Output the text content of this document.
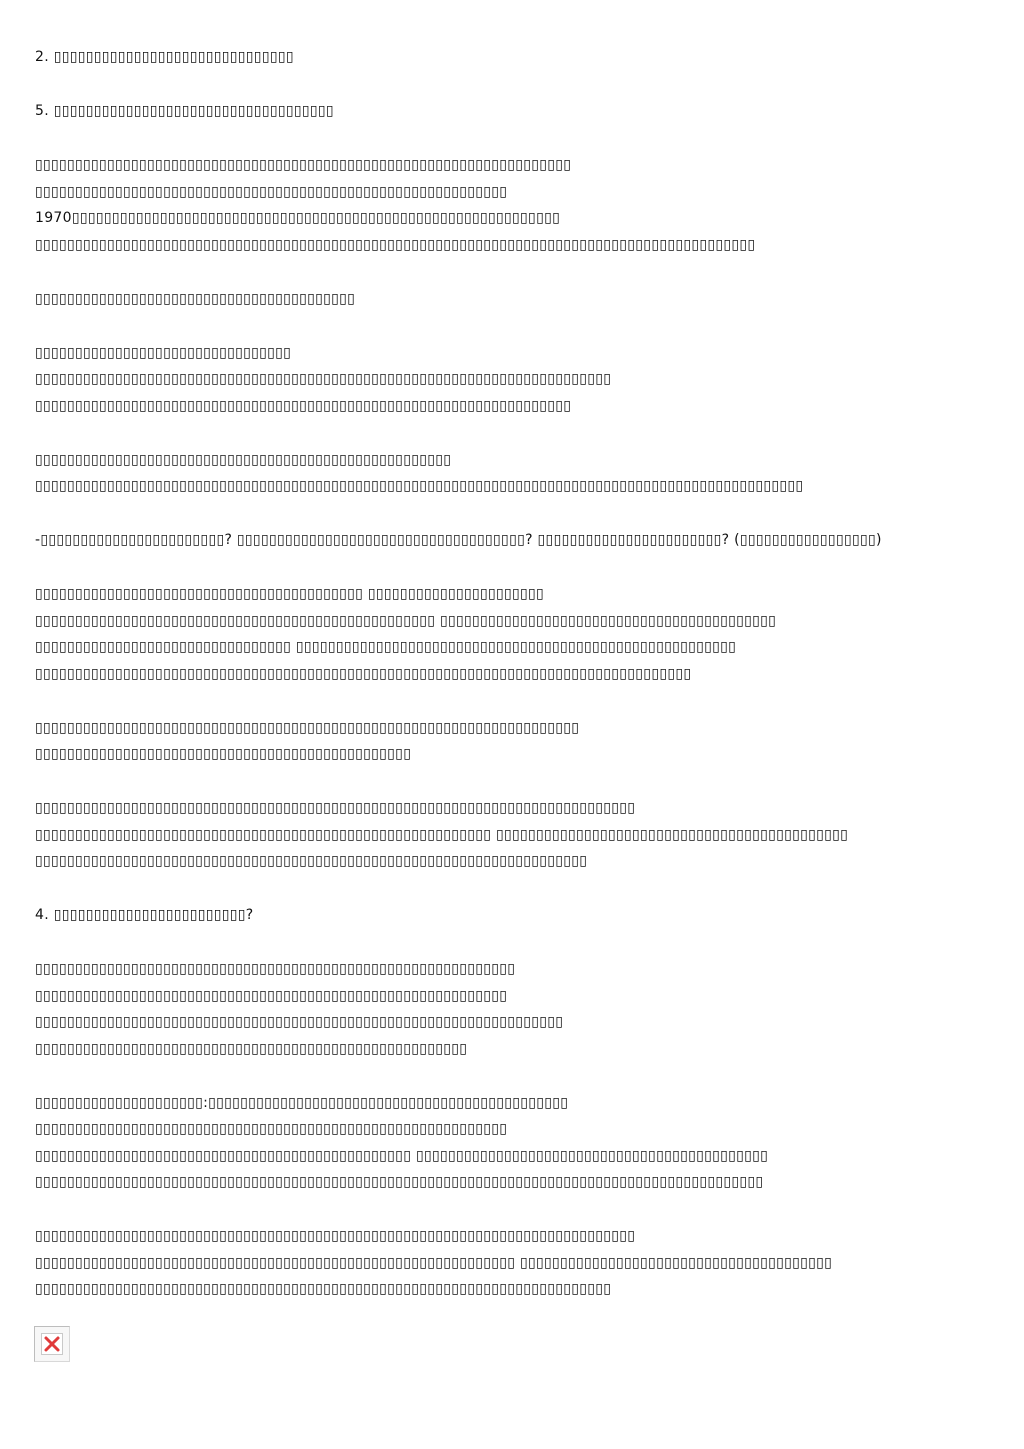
2. ▯▯▯▯▯▯▯▯▯▯▯▯▯▯▯▯▯▯▯▯▯▯▯▯▯▯▯▯▯▯
5. ▯▯▯▯▯▯▯▯▯▯▯▯▯▯▯▯▯▯▯▯▯▯▯▯▯▯▯▯▯▯▯▯▯▯▯
▯▯▯▯▯▯▯▯▯▯▯▯▯▯▯▯▯▯▯▯▯▯▯▯▯▯▯▯▯▯▯▯▯▯▯▯▯▯▯▯▯▯▯▯▯▯▯▯▯▯▯▯▯▯▯▯▯▯▯▯▯▯▯▯▯▯▯
▯▯▯▯▯▯▯▯▯▯▯▯▯▯▯▯▯▯▯▯▯▯▯▯▯▯▯▯▯▯▯▯▯▯▯▯▯▯▯▯▯▯▯▯▯▯▯▯▯▯▯▯▯▯▯▯▯▯▯
1970▯▯▯▯▯▯▯▯▯▯▯▯▯▯▯▯▯▯▯▯▯▯▯▯▯▯▯▯▯▯▯▯▯▯▯▯▯▯▯▯▯▯▯▯▯▯▯▯▯▯▯▯▯▯▯▯▯▯▯▯▯
▯▯▯▯▯▯▯▯▯▯▯▯▯▯▯▯▯▯▯▯▯▯▯▯▯▯▯▯▯▯▯▯▯▯▯▯▯▯▯▯▯▯▯▯▯▯▯▯▯▯▯▯▯▯▯▯▯▯▯▯▯▯▯▯▯▯▯▯▯▯▯▯▯▯▯▯▯▯▯▯▯▯▯▯▯▯▯▯▯▯
▯▯▯▯▯▯▯▯▯▯▯▯▯▯▯▯▯▯▯▯▯▯▯▯▯▯▯▯▯▯▯▯▯▯▯▯▯▯▯▯
▯▯▯▯▯▯▯▯▯▯▯▯▯▯▯▯▯▯▯▯▯▯▯▯▯▯▯▯▯▯▯▯
▯▯▯▯▯▯▯▯▯▯▯▯▯▯▯▯▯▯▯▯▯▯▯▯▯▯▯▯▯▯▯▯▯▯▯▯▯▯▯▯▯▯▯▯▯▯▯▯▯▯▯▯▯▯▯▯▯▯▯▯▯▯▯▯▯▯▯▯▯▯▯▯
▯▯▯▯▯▯▯▯▯▯▯▯▯▯▯▯▯▯▯▯▯▯▯▯▯▯▯▯▯▯▯▯▯▯▯▯▯▯▯▯▯▯▯▯▯▯▯▯▯▯▯▯▯▯▯▯▯▯▯▯▯▯▯▯▯▯▯
▯▯▯▯▯▯▯▯▯▯▯▯▯▯▯▯▯▯▯▯▯▯▯▯▯▯▯▯▯▯▯▯▯▯▯▯▯▯▯▯▯▯▯▯▯▯▯▯▯▯▯▯
▯▯▯▯▯▯▯▯▯▯▯▯▯▯▯▯▯▯▯▯▯▯▯▯▯▯▯▯▯▯▯▯▯▯▯▯▯▯▯▯▯▯▯▯▯▯▯▯▯▯▯▯▯▯▯▯▯▯▯▯▯▯▯▯▯▯▯▯▯▯▯▯▯▯▯▯▯▯▯▯▯▯▯▯▯▯▯▯▯▯▯▯▯▯▯▯
-▯▯▯▯▯▯▯▯▯▯▯▯▯▯▯▯▯▯▯▯▯▯▯? ▯▯▯▯▯▯▯▯▯▯▯▯▯▯▯▯▯▯▯▯▯▯▯▯▯▯▯▯▯▯▯▯▯▯▯▯? ▯▯▯▯▯▯▯▯▯▯▯▯▯▯▯▯▯▯▯▯▯▯▯? (▯▯▯▯▯▯▯▯▯▯▯▯▯▯▯▯▯)
▯▯▯▯▯▯▯▯▯▯▯▯▯▯▯▯▯▯▯▯▯▯▯▯▯▯▯▯▯▯▯▯▯▯▯▯▯▯▯▯▯ ▯▯▯▯▯▯▯▯▯▯▯▯▯▯▯▯▯▯▯▯▯▯
▯▯▯▯▯▯▯▯▯▯▯▯▯▯▯▯▯▯▯▯▯▯▯▯▯▯▯▯▯▯▯▯▯▯▯▯▯▯▯▯▯▯▯▯▯▯▯▯▯▯ ▯▯▯▯▯▯▯▯▯▯▯▯▯▯▯▯▯▯▯▯▯▯▯▯▯▯▯▯▯▯▯▯▯▯▯▯▯▯▯▯▯▯
▯▯▯▯▯▯▯▯▯▯▯▯▯▯▯▯▯▯▯▯▯▯▯▯▯▯▯▯▯▯▯▯ ▯▯▯▯▯▯▯▯▯▯▯▯▯▯▯▯▯▯▯▯▯▯▯▯▯▯▯▯▯▯▯▯▯▯▯▯▯▯▯▯▯▯▯▯▯▯▯▯▯▯▯▯▯▯▯
▯▯▯▯▯▯▯▯▯▯▯▯▯▯▯▯▯▯▯▯▯▯▯▯▯▯▯▯▯▯▯▯▯▯▯▯▯▯▯▯▯▯▯▯▯▯▯▯▯▯▯▯▯▯▯▯▯▯▯▯▯▯▯▯▯▯▯▯▯▯▯▯▯▯▯▯▯▯▯▯▯▯
▯▯▯▯▯▯▯▯▯▯▯▯▯▯▯▯▯▯▯▯▯▯▯▯▯▯▯▯▯▯▯▯▯▯▯▯▯▯▯▯▯▯▯▯▯▯▯▯▯▯▯▯▯▯▯▯▯▯▯▯▯▯▯▯▯▯▯▯
▯▯▯▯▯▯▯▯▯▯▯▯▯▯▯▯▯▯▯▯▯▯▯▯▯▯▯▯▯▯▯▯▯▯▯▯▯▯▯▯▯▯▯▯▯▯▯
▯▯▯▯▯▯▯▯▯▯▯▯▯▯▯▯▯▯▯▯▯▯▯▯▯▯▯▯▯▯▯▯▯▯▯▯▯▯▯▯▯▯▯▯▯▯▯▯▯▯▯▯▯▯▯▯▯▯▯▯▯▯▯▯▯▯▯▯▯▯▯▯▯▯▯
▯▯▯▯▯▯▯▯▯▯▯▯▯▯▯▯▯▯▯▯▯▯▯▯▯▯▯▯▯▯▯▯▯▯▯▯▯▯▯▯▯▯▯▯▯▯▯▯▯▯▯▯▯▯▯▯▯ ▯▯▯▯▯▯▯▯▯▯▯▯▯▯▯▯▯▯▯▯▯▯▯▯▯▯▯▯▯▯▯▯▯▯▯▯▯▯▯▯▯▯▯▯
▯▯▯▯▯▯▯▯▯▯▯▯▯▯▯▯▯▯▯▯▯▯▯▯▯▯▯▯▯▯▯▯▯▯▯▯▯▯▯▯▯▯▯▯▯▯▯▯▯▯▯▯▯▯▯▯▯▯▯▯▯▯▯▯▯▯▯▯▯
4. ▯▯▯▯▯▯▯▯▯▯▯▯▯▯▯▯▯▯▯▯▯▯▯▯?
▯▯▯▯▯▯▯▯▯▯▯▯▯▯▯▯▯▯▯▯▯▯▯▯▯▯▯▯▯▯▯▯▯▯▯▯▯▯▯▯▯▯▯▯▯▯▯▯▯▯▯▯▯▯▯▯▯▯▯▯
▯▯▯▯▯▯▯▯▯▯▯▯▯▯▯▯▯▯▯▯▯▯▯▯▯▯▯▯▯▯▯▯▯▯▯▯▯▯▯▯▯▯▯▯▯▯▯▯▯▯▯▯▯▯▯▯▯▯▯
▯▯▯▯▯▯▯▯▯▯▯▯▯▯▯▯▯▯▯▯▯▯▯▯▯▯▯▯▯▯▯▯▯▯▯▯▯▯▯▯▯▯▯▯▯▯▯▯▯▯▯▯▯▯▯▯▯▯▯▯▯▯▯▯▯▯
▯▯▯▯▯▯▯▯▯▯▯▯▯▯▯▯▯▯▯▯▯▯▯▯▯▯▯▯▯▯▯▯▯▯▯▯▯▯▯▯▯▯▯▯▯▯▯▯▯▯▯▯▯▯
▯▯▯▯▯▯▯▯▯▯▯▯▯▯▯▯▯▯▯▯▯:▯▯▯▯▯▯▯▯▯▯▯▯▯▯▯▯▯▯▯▯▯▯▯▯▯▯▯▯▯▯▯▯▯▯▯▯▯▯▯▯▯▯▯▯▯
▯▯▯▯▯▯▯▯▯▯▯▯▯▯▯▯▯▯▯▯▯▯▯▯▯▯▯▯▯▯▯▯▯▯▯▯▯▯▯▯▯▯▯▯▯▯▯▯▯▯▯▯▯▯▯▯▯▯▯
▯▯▯▯▯▯▯▯▯▯▯▯▯▯▯▯▯▯▯▯▯▯▯▯▯▯▯▯▯▯▯▯▯▯▯▯▯▯▯▯▯▯▯▯▯▯▯ ▯▯▯▯▯▯▯▯▯▯▯▯▯▯▯▯▯▯▯▯▯▯▯▯▯▯▯▯▯▯▯▯▯▯▯▯▯▯▯▯▯▯▯▯
▯▯▯▯▯▯▯▯▯▯▯▯▯▯▯▯▯▯▯▯▯▯▯▯▯▯▯▯▯▯▯▯▯▯▯▯▯▯▯▯▯▯▯▯▯▯▯▯▯▯▯▯▯▯▯▯▯▯▯▯▯▯▯▯▯▯▯▯▯▯▯▯▯▯▯▯▯▯▯▯▯▯▯▯▯▯▯▯▯▯▯
▯▯▯▯▯▯▯▯▯▯▯▯▯▯▯▯▯▯▯▯▯▯▯▯▯▯▯▯▯▯▯▯▯▯▯▯▯▯▯▯▯▯▯▯▯▯▯▯▯▯▯▯▯▯▯▯▯▯▯▯▯▯▯▯▯▯▯▯▯▯▯▯▯▯▯
▯▯▯▯▯▯▯▯▯▯▯▯▯▯▯▯▯▯▯▯▯▯▯▯▯▯▯▯▯▯▯▯▯▯▯▯▯▯▯▯▯▯▯▯▯▯▯▯▯▯▯▯▯▯▯▯▯▯▯▯ ▯▯▯▯▯▯▯▯▯▯▯▯▯▯▯▯▯▯▯▯▯▯▯▯▯▯▯▯▯▯▯▯▯▯▯▯▯▯▯
▯▯▯▯▯▯▯▯▯▯▯▯▯▯▯▯▯▯▯▯▯▯▯▯▯▯▯▯▯▯▯▯▯▯▯▯▯▯▯▯▯▯▯▯▯▯▯▯▯▯▯▯▯▯▯▯▯▯▯▯▯▯▯▯▯▯▯▯▯▯▯▯
